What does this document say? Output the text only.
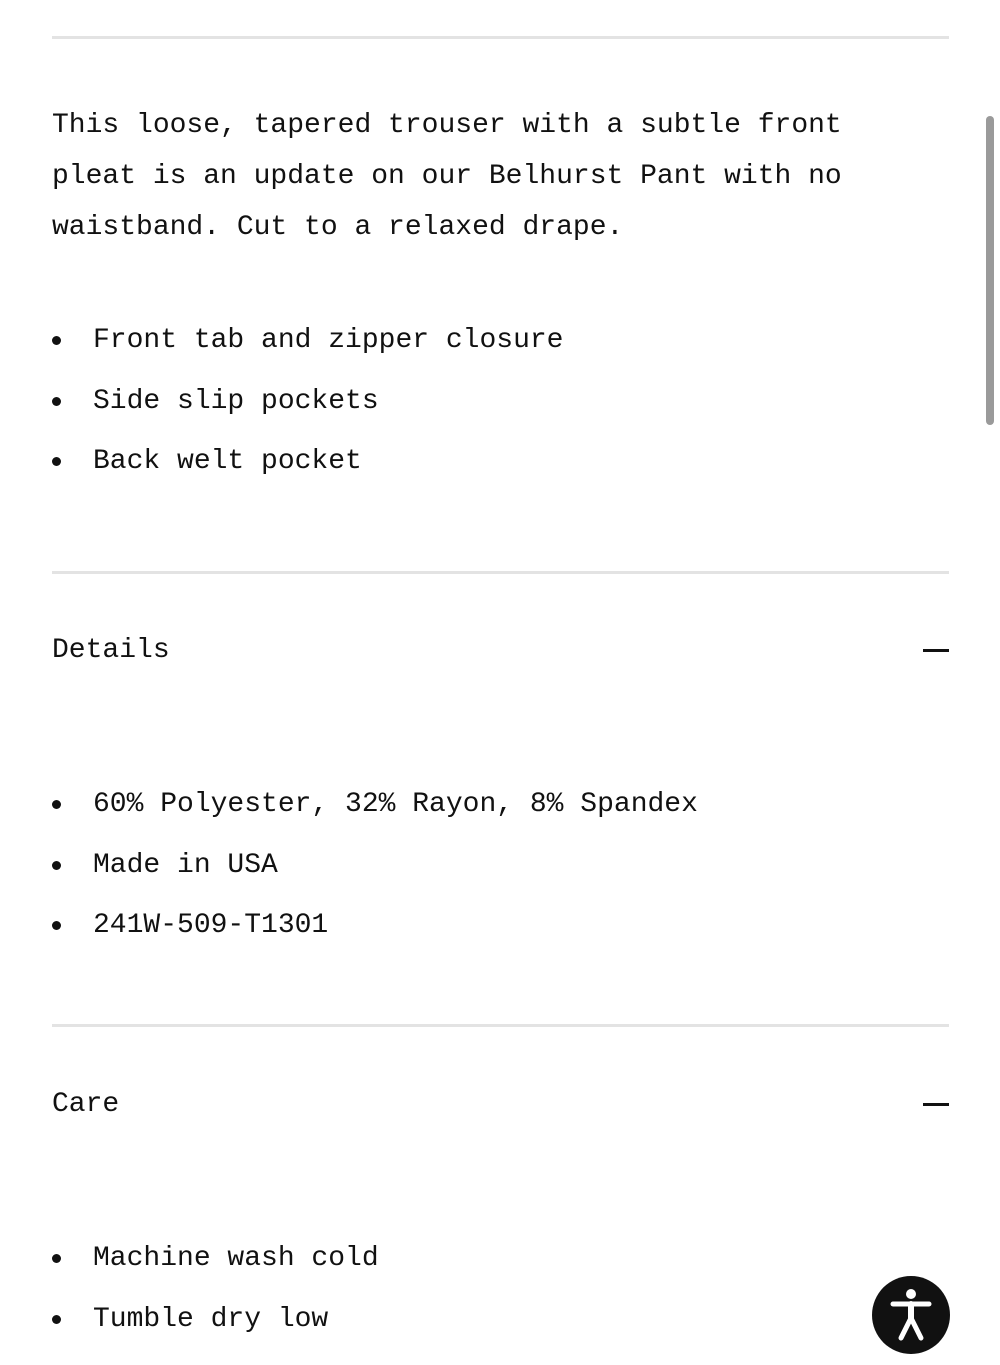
This loose, tapered trouser with a subtle front pleat is an update on our Belhurst Pant with no waistband. Cut to a relaxed drape.

Front tab and zipper closure
Side slip pockets
Back welt pocket
Details
60% Polyester, 32% Rayon, 8% Spandex
Made in USA
241W-509-T1301
Care
Machine wash cold
Tumble dry low
